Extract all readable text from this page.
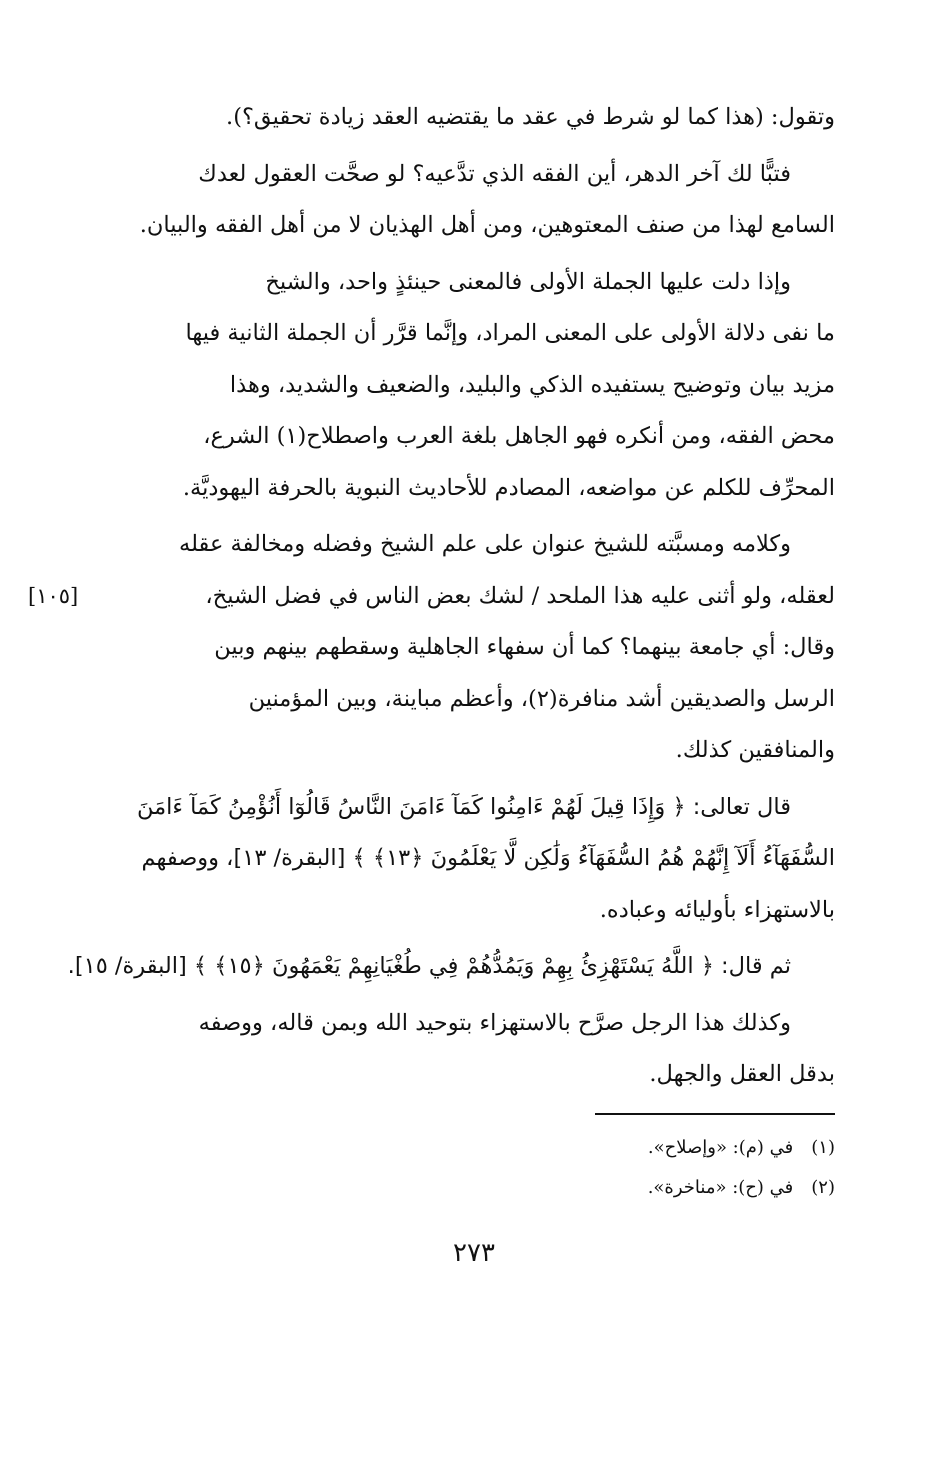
وتقول: (هذا كما لو شرط في عقد ما يقتضيه العقد زيادة تحقيق؟).

فتبًّا لك آخر الدهر، أين الفقه الذي تدَّعيه؟ لو صحَّت العقول لعدك
السامع لهذا من صنف المعتوهين، ومن أهل الهذيان لا من أهل الفقه والبيان.

وإذا دلت عليها الجملة الأولى فالمعنى حينئذٍ واحد، والشيخ
ما نفى دلالة الأولى على المعنى المراد، وإنَّما قرَّر أن الجملة الثانية فيها
مزيد بيان وتوضيح يستفيده الذكي والبليد، والضعيف والشديد، وهذا
محض الفقه، ومن أنكره فهو الجاهل بلغة العرب واصطلاح(١) الشرع،
المحرِّف للكلم عن مواضعه، المصادم للأحاديث النبوية بالحرفة اليهوديَّة.

وكلامه ومسبَّته للشيخ عنوان على علم الشيخ وفضله ومخالفة عقله
لعقله، ولو أثنى عليه هذا الملحد / لشك بعض الناس في فضل الشيخ،
وقال: أي جامعة بينهما؟ كما أن سفهاء الجاهلية وسقطهم بينهم وبين
الرسل والصديقين أشد منافرة(٢)، وأعظم مباينة، وبين المؤمنين
والمنافقين كذلك.

قال تعالى: ﴿ وَإِذَا قِيلَ لَهُمْ ءَامِنُوا كَمَآ ءَامَنَ النَّاسُ قَالُوٓا أَنُؤْمِنُ كَمَآ ءَامَنَ
السُّفَهَآءُ أَلَآ إِنَّهُمْ هُمُ السُّفَهَآءُ وَلَٰكِن لَّا يَعْلَمُونَ ﴿١٣﴾ ﴾ [البقرة/ ١٣]، ووصفهم
بالاستهزاء بأوليائه وعباده.

ثم قال: ﴿ اللَّهُ يَسْتَهْزِئُ بِهِمْ وَيَمُدُّهُمْ فِي طُغْيَانِهِمْ يَعْمَهُونَ ﴿١٥﴾ ﴾ [البقرة/ ١٥].

وكذلك هذا الرجل صرَّح بالاستهزاء بتوحيد الله وبمن قاله، ووصفه
بدقل العقل والجهل.

[١٠٥]
(١) في (م): «وإصلاح».
(٢) في (ح): «مناخرة».
٢٧٣
